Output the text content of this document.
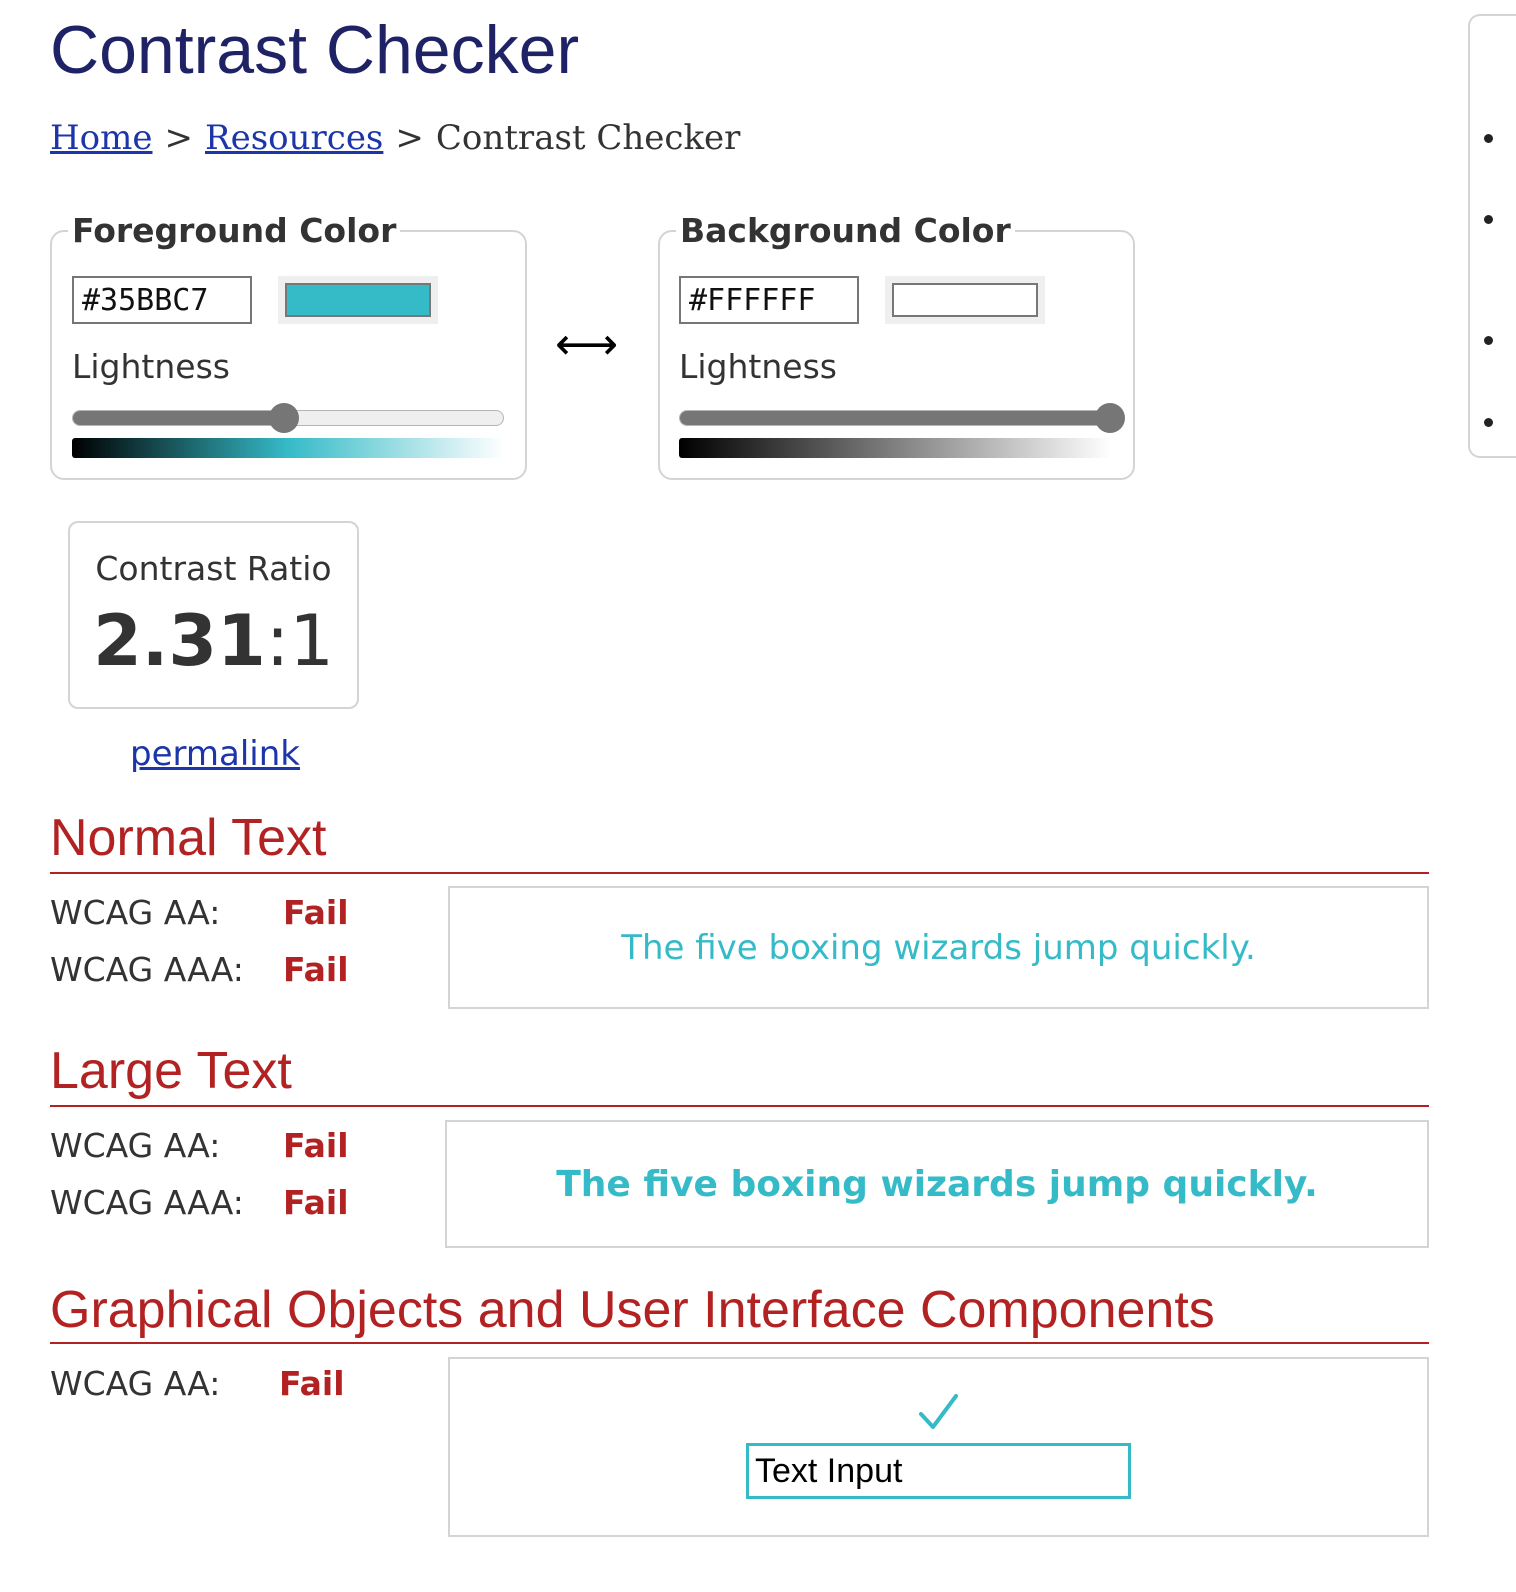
Contrast Checker
Home > Resources > Contrast Checker
Foreground Color
#35BBC7
Lightness	⟷
Background Color
#FFFFFF
Lightness
Contrast Ratio
2.31:1
permalink
Normal Text
WCAG AA: Fail
WCAG AAA: Fail
The five boxing wizards jump quickly.
Large Text
WCAG AA: Fail
WCAG AAA: Fail	The five boxing wizards jump quickly.
Graphical Objects and User Interface Components
WCAG AA: Fail
Text Input
